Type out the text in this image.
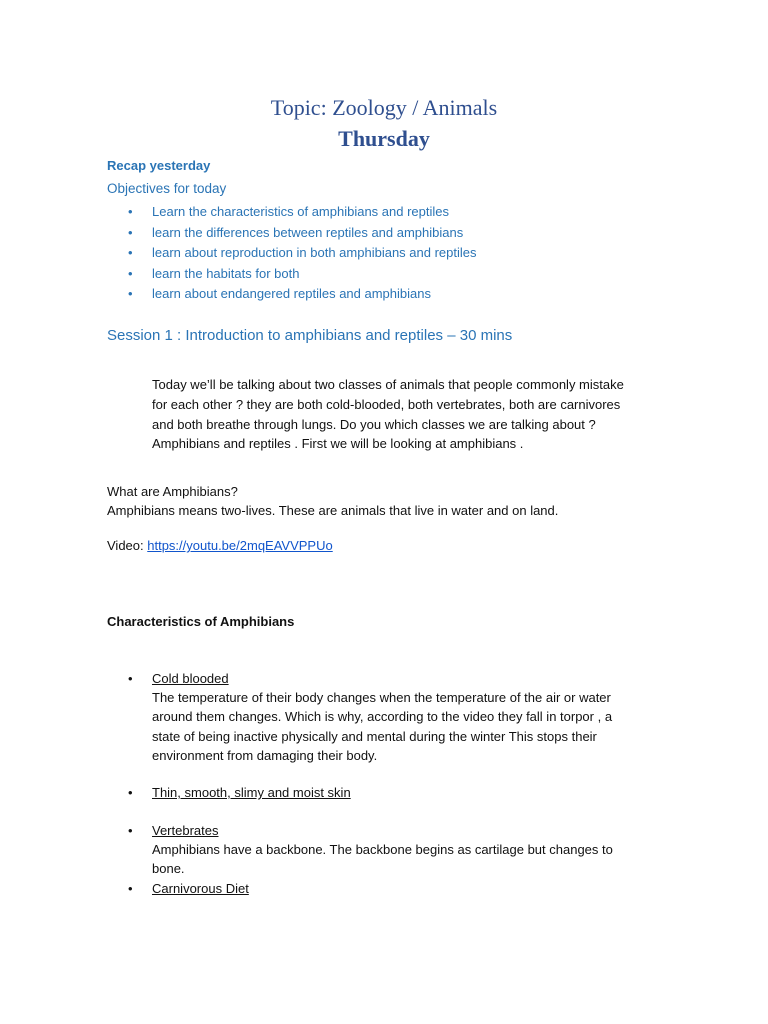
Topic: Zoology / Animals
Thursday
Recap yesterday
Objectives for today
• Learn the characteristics of amphibians and reptiles
• learn the differences between reptiles and amphibians
• learn about reproduction in both amphibians and reptiles
• learn the habitats for both
• learn about endangered reptiles and amphibians
Session 1 : Introduction to amphibians and reptiles – 30 mins
Today we’ll be talking about two classes of animals that people commonly mistake
for each other ? they are both cold-blooded, both vertebrates, both are carnivores
and both breathe through lungs. Do you which classes we are talking about ?
Amphibians and reptiles . First we will be looking at amphibians .
What are Amphibians?
Amphibians means two-lives. These are animals that live in water and on land.
Video: https://youtu.be/2mqEAVVPPUo
Characteristics of Amphibians
•	Cold blooded
The temperature of their body changes when the temperature of the air or water
around them changes. Which is why, according to the video they fall in torpor , a
state of being inactive physically and mental during the winter This stops their
environment from damaging their body.
•	Thin, smooth, slimy and moist skin
•	Vertebrates
Amphibians have a backbone. The backbone begins as cartilage but changes to
bone.
•	Carnivorous Diet
